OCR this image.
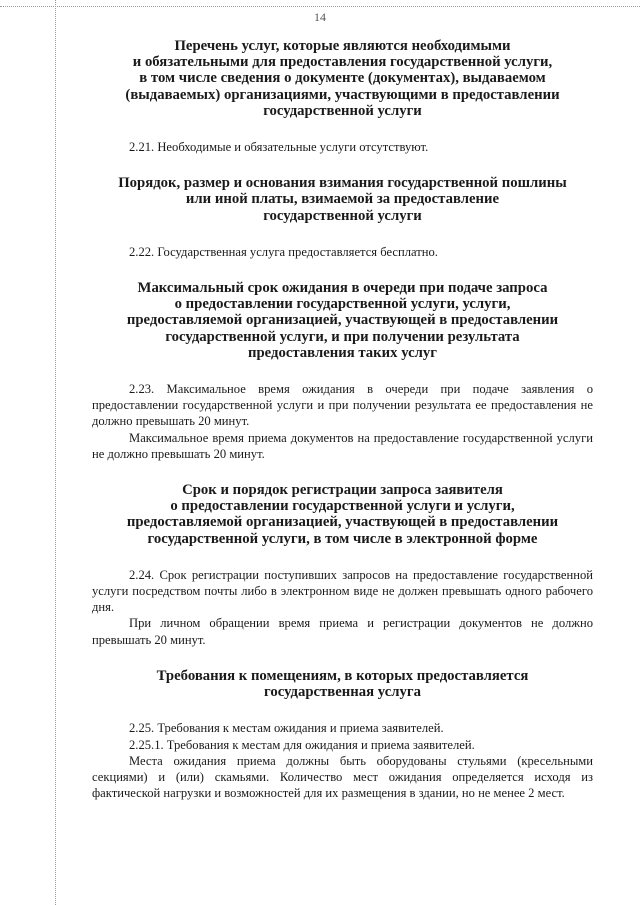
14
Перечень услуг, которые являются необходимыми
и обязательными для предоставления государственной услуги,
в том числе сведения о документе (документах), выдаваемом
(выдаваемых) организациями, участвующими в предоставлении
государственной услуги

2.21. Необходимые и обязательные услуги отсутствуют.

Порядок, размер и основания взимания государственной пошлины
или иной платы, взимаемой за предоставление
государственной услуги

2.22. Государственная услуга предоставляется бесплатно.

Максимальный срок ожидания в очереди при подаче запроса
о предоставлении государственной услуги, услуги,
предоставляемой организацией, участвующей в предоставлении
государственной услуги, и при получении результата
предоставления таких услуг

2.23. Максимальное время ожидания в очереди при подаче заявления о предоставлении государственной услуги и при получении результата ее предоставления не должно превышать 20 минут.

Максимальное время приема документов на предоставление государственной услуги не должно превышать 20 минут.

Срок и порядок регистрации запроса заявителя
о предоставлении государственной услуги и услуги,
предоставляемой организацией, участвующей в предоставлении
государственной услуги, в том числе в электронной форме

2.24. Срок регистрации поступивших запросов на предоставление государственной услуги посредством почты либо в электронном виде не должен превышать одного рабочего дня.

При личном обращении время приема и регистрации документов не должно превышать 20 минут.

Требования к помещениям, в которых предоставляется
государственная услуга

2.25. Требования к местам ожидания и приема заявителей.

2.25.1. Требования к местам для ожидания и приема заявителей.

Места ожидания приема должны быть оборудованы стульями (кресельными секциями) и (или) скамьями. Количество мест ожидания определяется исходя из фактической нагрузки и возможностей для их размещения в здании, но не менее 2 мест.
